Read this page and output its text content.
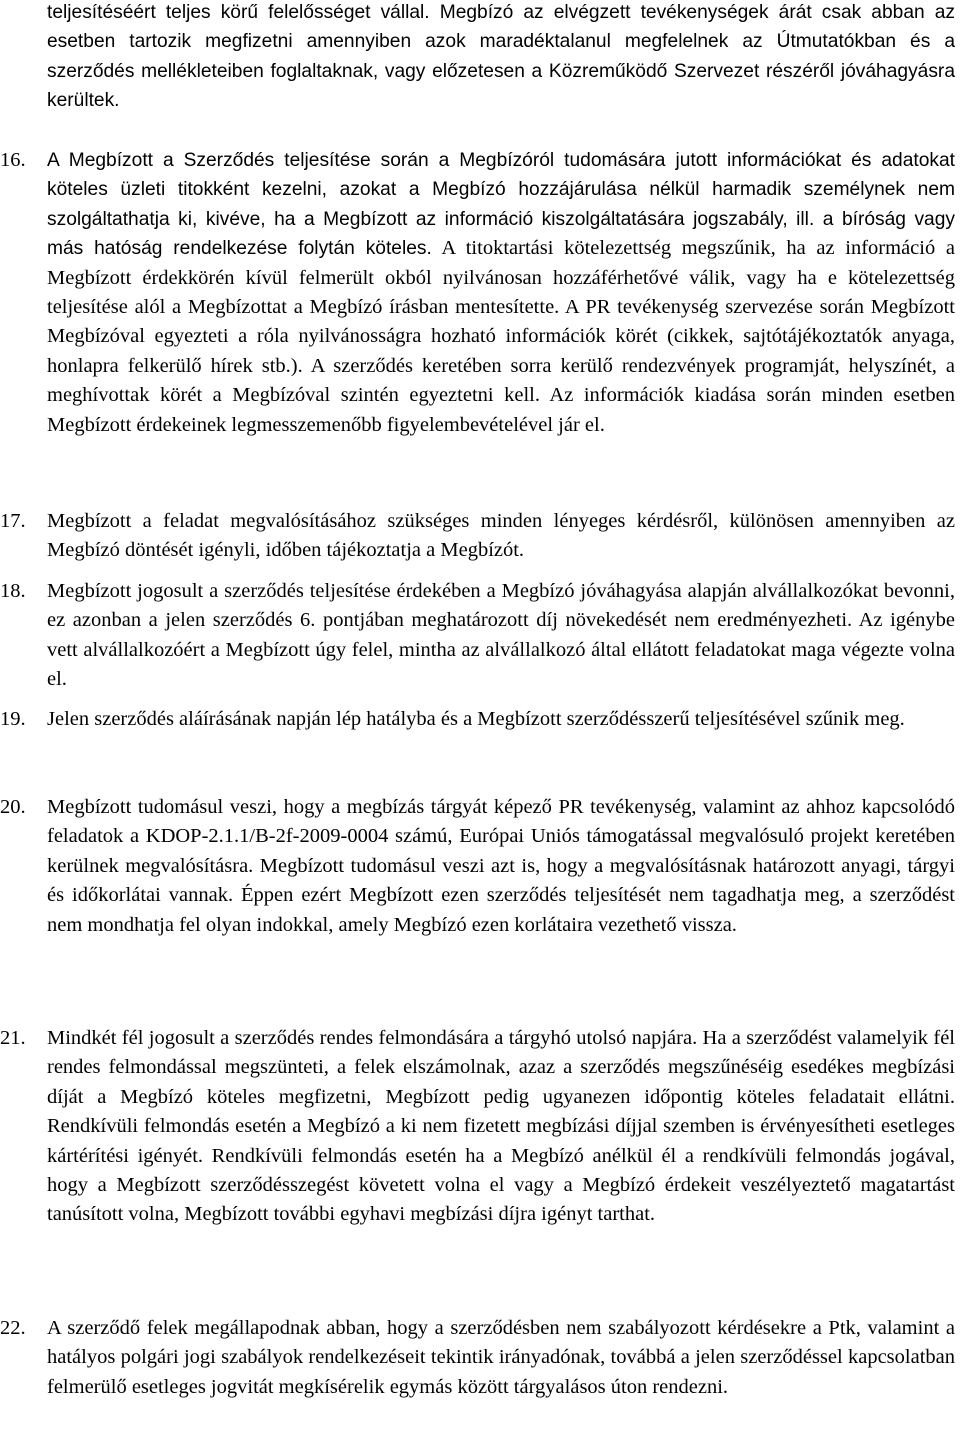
teljesítéséért teljes körű felelősséget vállal. Megbízó az elvégzett tevékenységek árát csak abban az esetben tartozik megfizetni amennyiben azok maradéktalanul megfelelnek az Útmutatókban és a szerződés mellékleteiben foglaltaknak, vagy előzetesen a Közreműködő Szervezet részéről jóváhagyásra kerültek.

16.	A Megbízott a Szerződés teljesítése során a Megbízóról tudomására jutott információkat és adatokat köteles üzleti titokként kezelni, azokat a Megbízó hozzájárulása nélkül harmadik személynek nem szolgáltathatja ki, kivéve, ha a Megbízott az információ kiszolgáltatására jogszabály, ill. a bíróság vagy más hatóság rendelkezése folytán köteles. A titoktartási kötelezettség megszűnik, ha az információ a Megbízott érdekkörén kívül felmerült okból nyilvánosan hozzáférhetővé válik, vagy ha e kötelezettség teljesítése alól a Megbízottat a Megbízó írásban mentesítette. A PR tevékenység szervezése során Megbízott Megbízóval egyezteti a róla nyilvánosságra hozható információk körét (cikkek, sajtótájékoztatók anyaga, honlapra felkerülő hírek stb.). A szerződés keretében sorra kerülő rendezvények programját, helyszínét, a meghívottak körét a Megbízóval szintén egyeztetni kell. Az információk kiadása során minden esetben Megbízott érdekeinek legmesszemenőbb figyelembevételével jár el.

17.	Megbízott a feladat megvalósításához szükséges minden lényeges kérdésről, különösen amennyiben az Megbízó döntését igényli, időben tájékoztatja a Megbízót.

18.	Megbízott jogosult a szerződés teljesítése érdekében a Megbízó jóváhagyása alapján alvállalkozókat bevonni, ez azonban a jelen szerződés 6. pontjában meghatározott díj növekedését nem eredményezheti. Az igénybe vett alvállalkozóért a Megbízott úgy felel, mintha az alvállalkozó által ellátott feladatokat maga végezte volna el.

19.	Jelen szerződés aláírásának napján lép hatályba és a Megbízott szerződésszerű teljesítésével szűnik meg.

20.	Megbízott tudomásul veszi, hogy a megbízás tárgyát képező PR tevékenység, valamint az ahhoz kapcsolódó feladatok a KDOP-2.1.1/B-2f-2009-0004 számú, Európai Uniós támogatással megvalósuló projekt keretében kerülnek megvalósításra. Megbízott tudomásul veszi azt is, hogy a megvalósításnak határozott anyagi, tárgyi és időkorlátai vannak. Éppen ezért Megbízott ezen szerződés teljesítését nem tagadhatja meg, a szerződést nem mondhatja fel olyan indokkal, amely Megbízó ezen korlátaira vezethető vissza.

21.	Mindkét fél jogosult a szerződés rendes felmondására a tárgyhó utolsó napjára. Ha a szerződést valamelyik fél rendes felmondással megszünteti, a felek elszámolnak, azaz a szerződés megszűnéséig esedékes megbízási díját a Megbízó köteles megfizetni, Megbízott pedig ugyanezen időpontig köteles feladatait ellátni. Rendkívüli felmondás esetén a Megbízó a ki nem fizetett megbízási díjjal szemben is érvényesítheti esetleges kártérítési igényét. Rendkívüli felmondás esetén ha a Megbízó anélkül él a rendkívüli felmondás jogával, hogy a Megbízott szerződésszegést követett volna el vagy a Megbízó érdekeit veszélyeztető magatartást tanúsított volna, Megbízott további egyhavi megbízási díjra igényt tarthat.

22.	A szerződő felek megállapodnak abban, hogy a szerződésben nem szabályozott kérdésekre a Ptk, valamint a hatályos polgári jogi szabályok rendelkezéseit tekintik irányadónak, továbbá a jelen szerződéssel kapcsolatban felmerülő esetleges jogvitát megkísérelik egymás között tárgyalásos úton rendezni.
